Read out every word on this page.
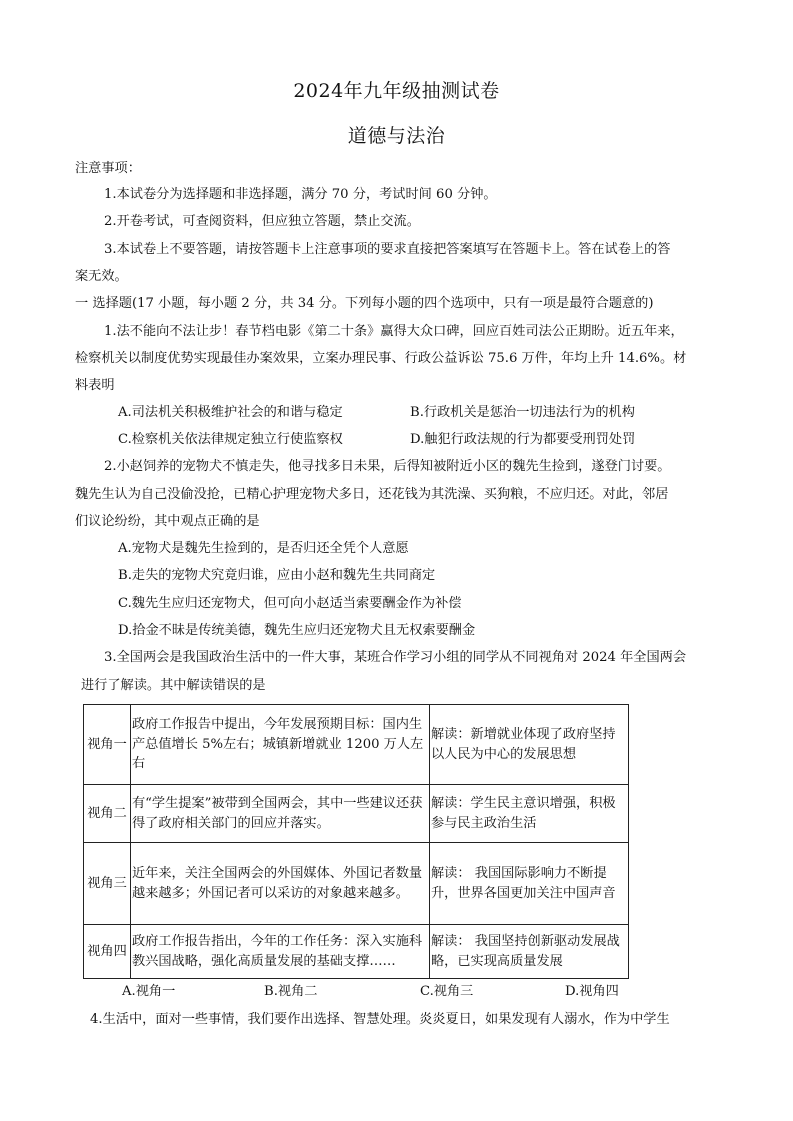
2024年九年级抽测试卷
道德与法治
注意事项：
1.本试卷分为选择题和非选择题，满分 70 分，考试时间 60 分钟。
2.开卷考试，可查阅资料，但应独立答题，禁止交流。
3.本试卷上不要答题，请按答题卡上注意事项的要求直接把答案填写在答题卡上。答在试卷上的答
案无效。
一 选择题(17 小题，每小题 2 分，共 34 分。下列每小题的四个选项中，只有一项是最符合题意的)
1.法不能向不法让步！春节档电影《第二十条》赢得大众口碑，回应百姓司法公正期盼。近五年来，
检察机关以制度优势实现最佳办案效果，立案办理民事、行政公益诉讼 75.6 万件，年均上升 14.6%。材
料表明
A.司法机关积极维护社会的和谐与稳定	B.行政机关是惩治一切违法行为的机构
C.检察机关依法律规定独立行使监察权	D.触犯行政法规的行为都要受刑罚处罚
2.小赵饲养的宠物犬不慎走失，他寻找多日未果，后得知被附近小区的魏先生捡到，遂登门讨要。
魏先生认为自己没偷没抢，已精心护理宠物犬多日，还花钱为其洗澡、买狗粮，不应归还。对此，邻居
们议论纷纷，其中观点正确的是
A.宠物犬是魏先生捡到的，是否归还全凭个人意愿
B.走失的宠物犬究竟归谁，应由小赵和魏先生共同商定
C.魏先生应归还宠物犬，但可向小赵适当索要酬金作为补偿
D.拾金不昧是传统美德，魏先生应归还宠物犬且无权索要酬金
3.全国两会是我国政治生活中的一件大事，某班合作学习小组的同学从不同视角对 2024 年全国两会
进行了解读。其中解读错误的是
视角一	政府工作报告中提出，今年发展预期目标：国内生产总值增长 5%左右；城镇新增就业 1200 万人左右	解读：新增就业体现了政府坚持以人民为中心的发展思想
视角二	有“学生提案”被带到全国两会，其中一些建议还获得了政府相关部门的回应并落实。	解读：学生民主意识增强，积极参与民主政治生活
视角三	近年来，关注全国两会的外国媒体、外国记者数量越来越多；外国记者可以采访的对象越来越多。	解读： 我国国际影响力不断提升，世界各国更加关注中国声音
视角四	政府工作报告指出，今年的工作任务：深入实施科教兴国战略，强化高质量发展的基础支撑……	解读： 我国坚持创新驱动发展战略，已实现高质量发展
A.视角一	B.视角二	C.视角三	D.视角四
4.生活中，面对一些事情，我们要作出选择、智慧处理。炎炎夏日，如果发现有人溺水，作为中学生
